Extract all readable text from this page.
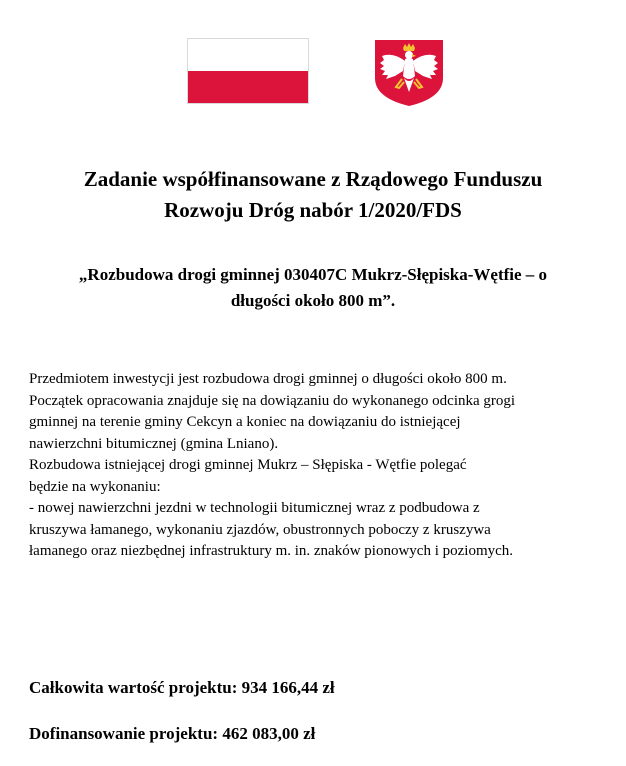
Zadanie współfinansowane z Rządowego Funduszu
Rozwoju Dróg nabór 1/2020/FDS
„Rozbudowa drogi gminnej 030407C Mukrz-Słępiska-Wętfie – o
długości około 800 m”.

Przedmiotem inwestycji jest rozbudowa drogi gminnej o długości około 800 m.

Początek opracowania znajduje się na dowiązaniu do wykonanego odcinka grogi

gminnej na terenie gminy Cekcyn a koniec na dowiązaniu do istniejącej

nawierzchni bitumicznej (gmina Lniano).

Rozbudowa istniejącej drogi gminnej Mukrz – Słępiska - Wętfie polegać

będzie na wykonaniu:

- nowej nawierzchni jezdni w technologii bitumicznej wraz z podbudowa z

kruszywa łamanego, wykonaniu zjazdów, obustronnych poboczy z kruszywa

łamanego oraz niezbędnej infrastruktury m. in. znaków pionowych i poziomych.

Całkowita wartość projektu: 934 166,44 zł
Dofinansowanie projektu: 462 083,00 zł
